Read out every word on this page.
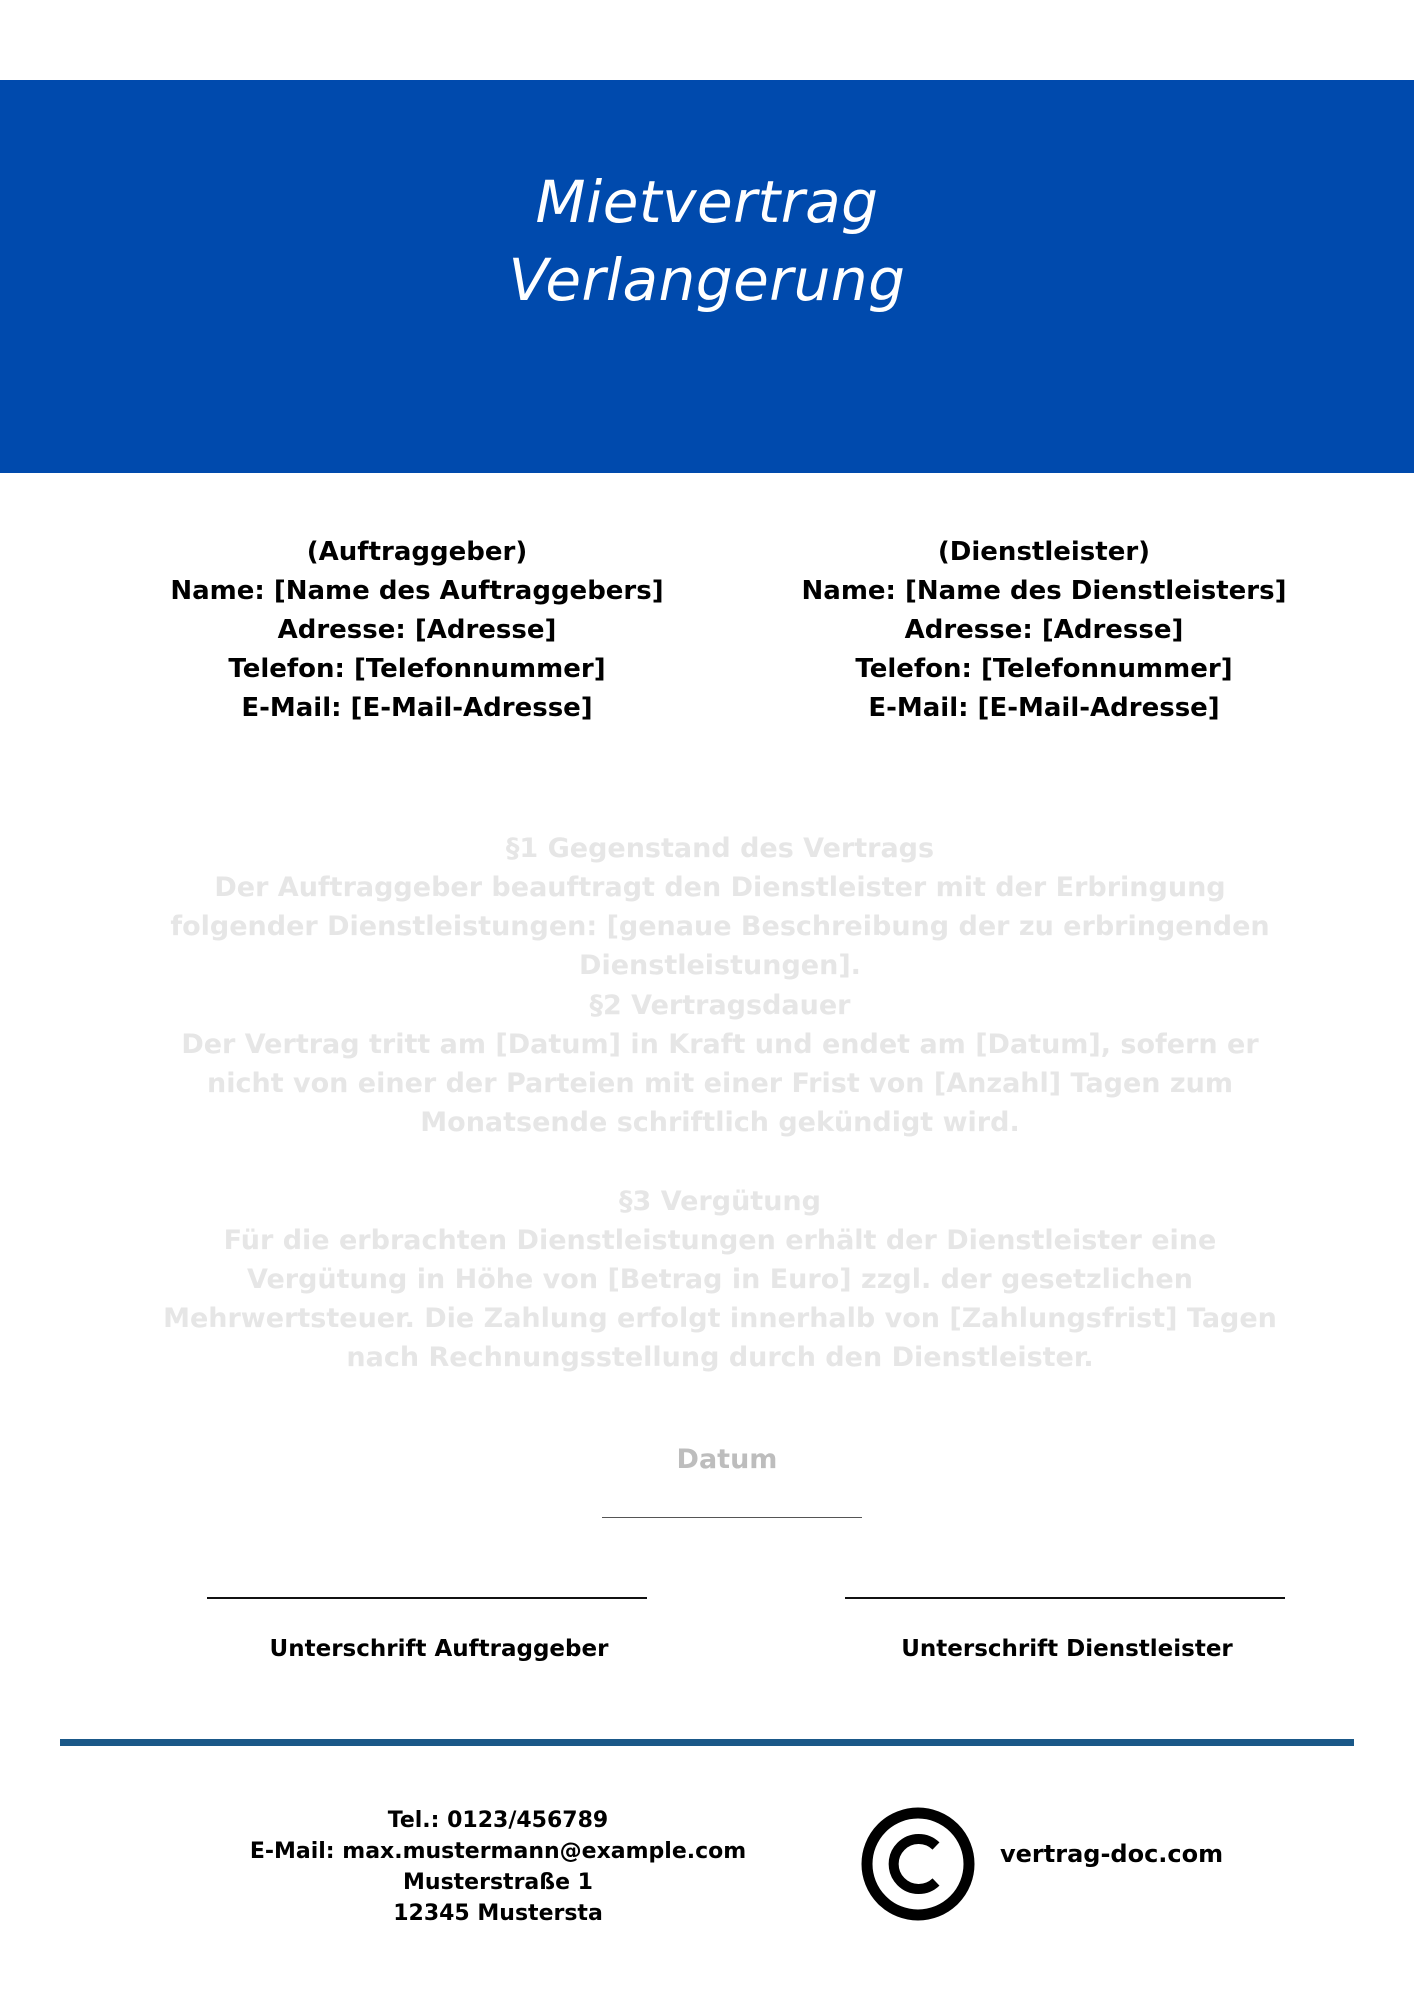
Mietvertrag
Verlangerung
(Auftraggeber)
Name: [Name des Auftraggebers]
Adresse: [Adresse]
Telefon: [Telefonnummer]
E-Mail: [E-Mail-Adresse]
(Dienstleister)
Name: [Name des Dienstleisters]
Adresse: [Adresse]
Telefon: [Telefonnummer]
E-Mail: [E-Mail-Adresse]
§1 Gegenstand des Vertrags
Der Auftraggeber beauftragt den Dienstleister mit der Erbringung folgender Dienstleistungen: [genaue Beschreibung der zu erbringenden Dienstleistungen].
§2 Vertragsdauer
Der Vertrag tritt am [Datum] in Kraft und endet am [Datum], sofern er nicht von einer der Parteien mit einer Frist von [Anzahl] Tagen zum Monatsende schriftlich gekündigt wird.
§3 Vergütung
Für die erbrachten Dienstleistungen erhält der Dienstleister eine Vergütung in Höhe von [Betrag in Euro] zzgl. der gesetzlichen Mehrwertsteuer. Die Zahlung erfolgt innerhalb von [Zahlungsfrist] Tagen nach Rechnungsstellung durch den Dienstleister.
Datum
Unterschrift Auftraggeber	Unterschrift Dienstleister
Tel.: 0123/456789
E-Mail: max.mustermann@example.com
Musterstraße 1
12345 Mustersta
vertrag-doc.com
